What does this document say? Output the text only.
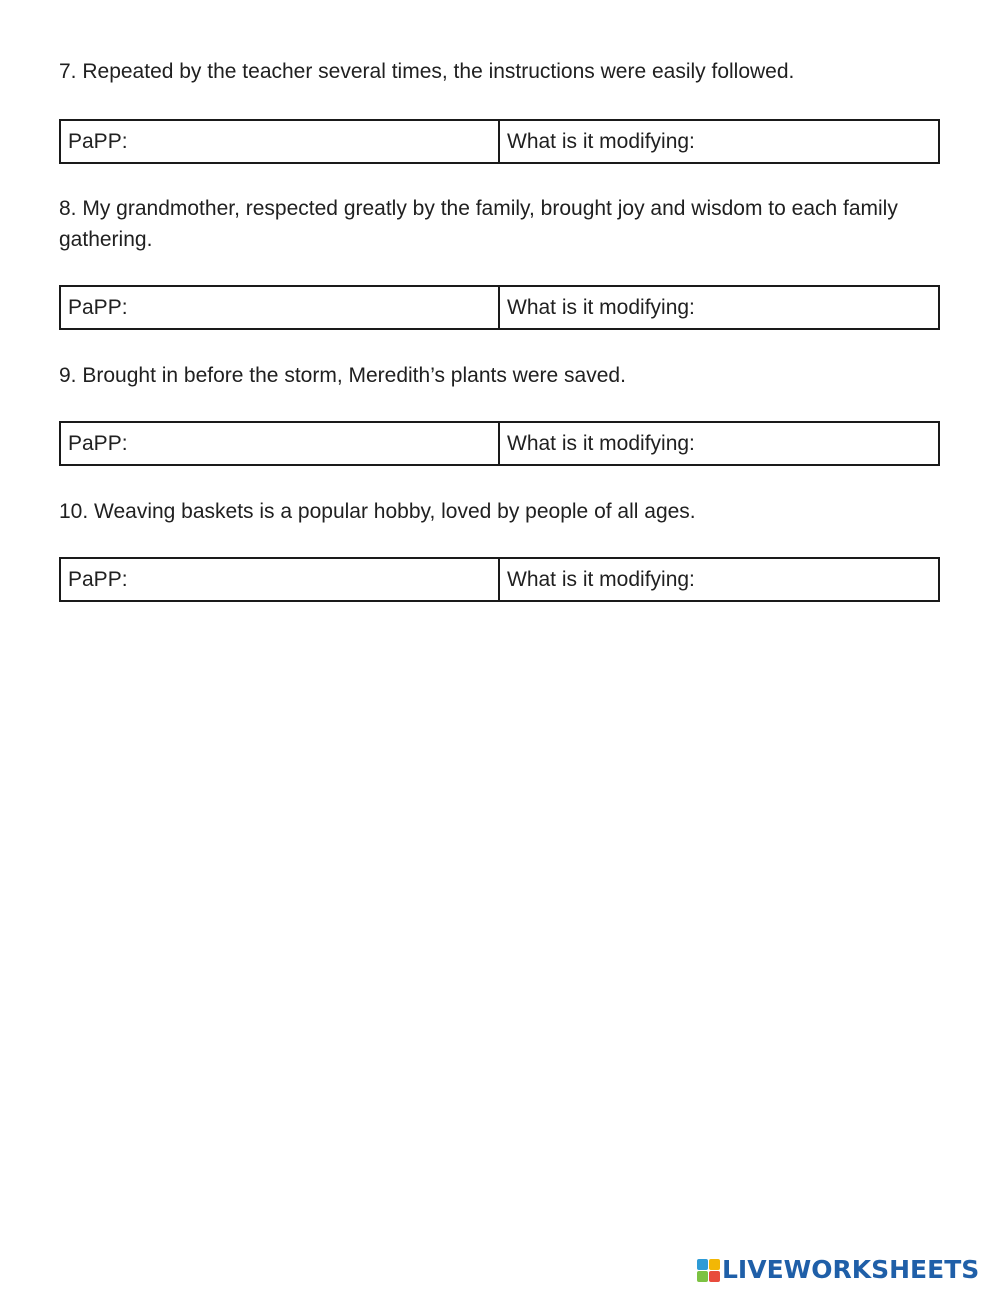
7. Repeated by the teacher several times, the instructions were easily followed.

PaPP:	What is it modifying:

8. My grandmother, respected greatly by the family, brought joy and wisdom to each family gathering.

PaPP:	What is it modifying:

9. Brought in before the storm, Meredith’s plants were saved.

PaPP:	What is it modifying:

10. Weaving baskets is a popular hobby, loved by people of all ages.

PaPP:	What is it modifying:
LIVEWORKSHEETS
